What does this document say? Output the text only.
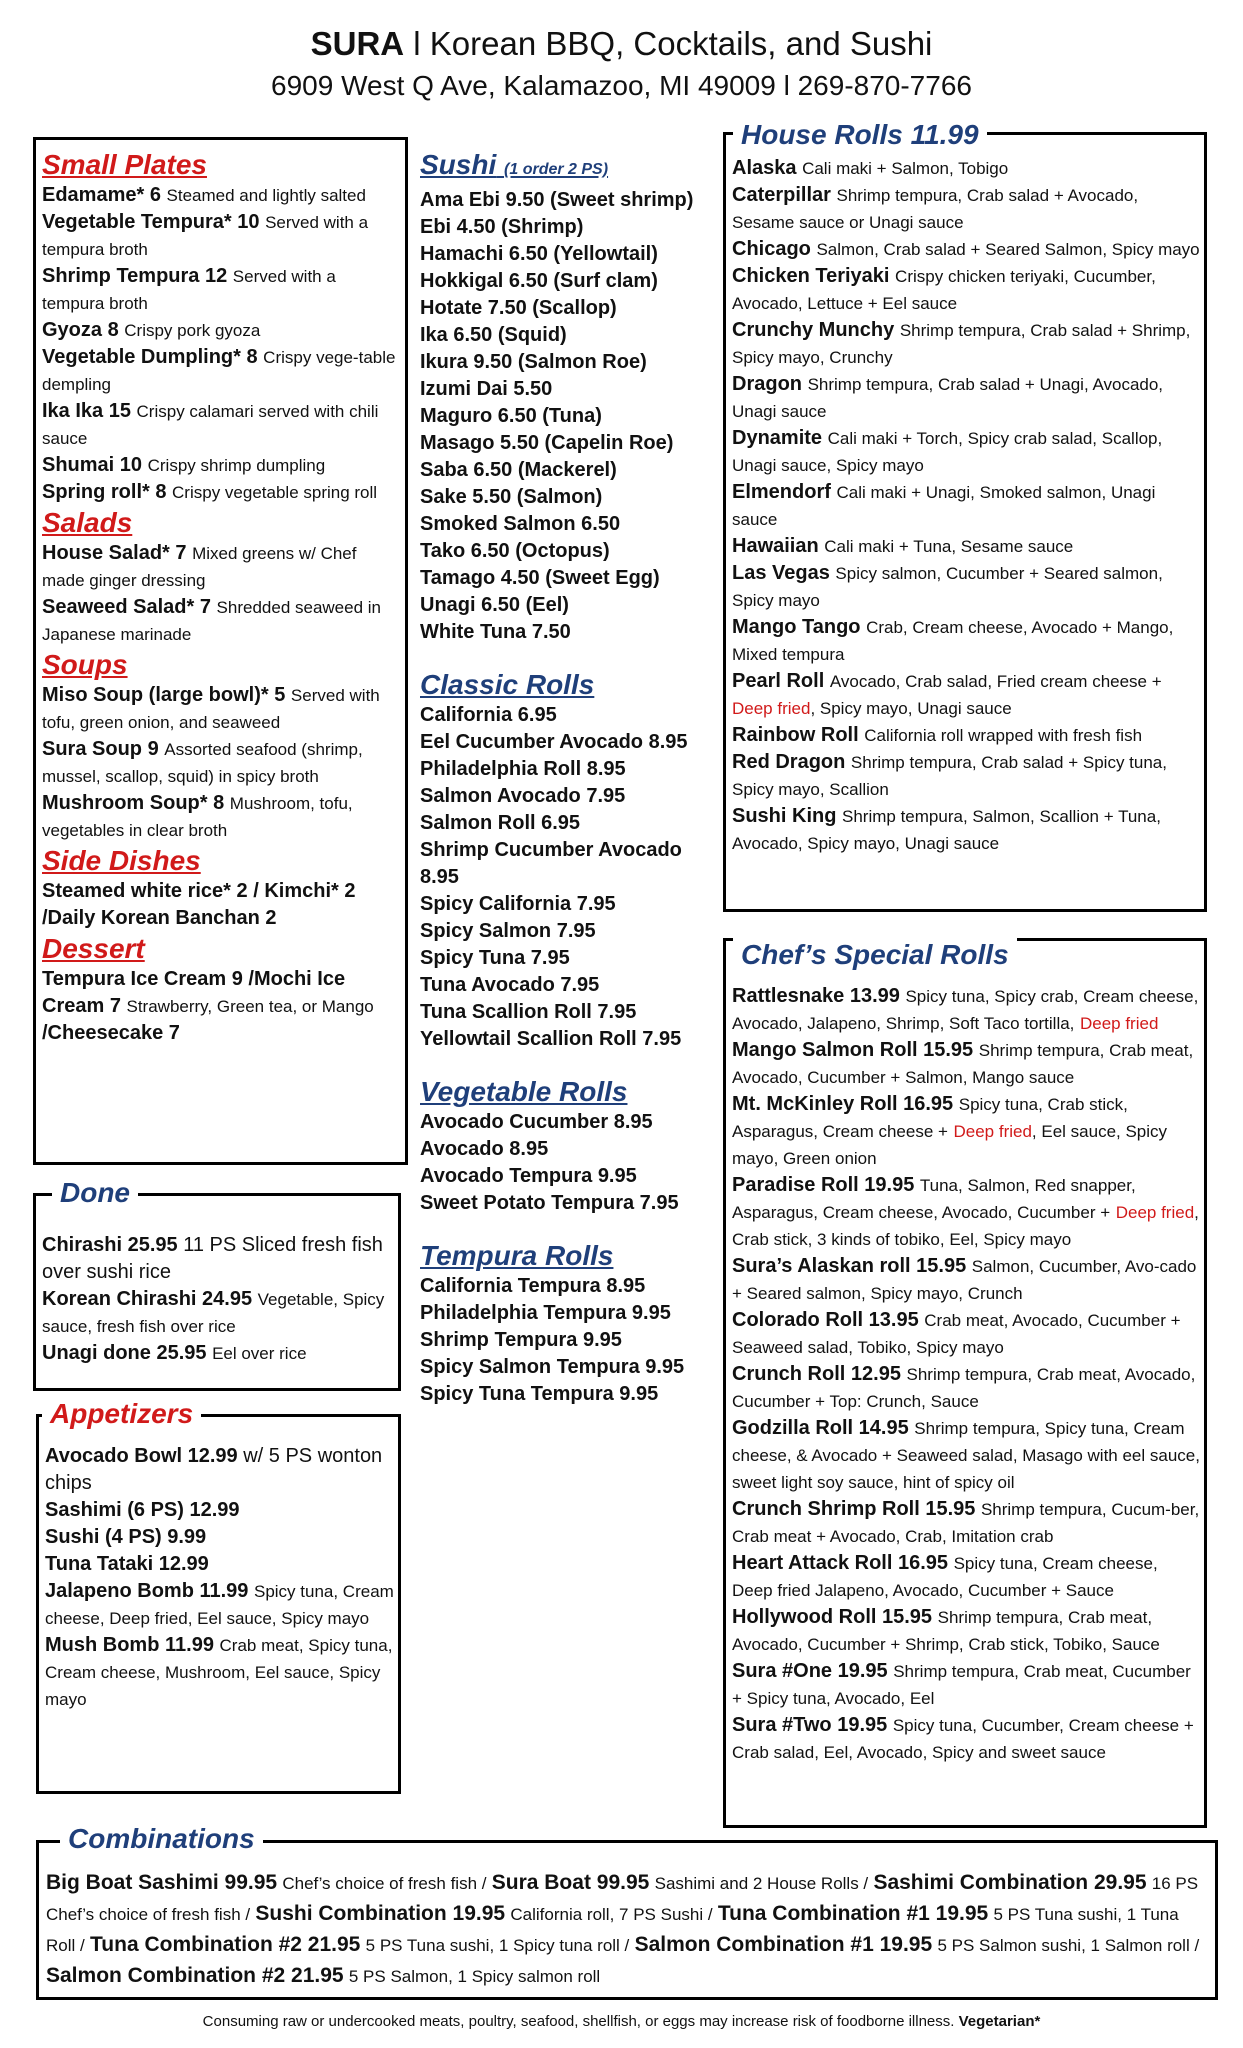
SURA l Korean BBQ, Cocktails, and Sushi
6909 West Q Ave, Kalamazoo, MI 49009 l 269-870-7766
Small Plates
Edamame* 6 Steamed and lightly salted
Vegetable Tempura* 10 Served with a tempura broth
Shrimp Tempura 12 Served with a tempura broth
Gyoza 8 Crispy pork gyoza
Vegetable Dumpling* 8 Crispy vege-table dempling
Ika Ika 15 Crispy calamari served with chili sauce
Shumai 10 Crispy shrimp dumpling
Spring roll* 8 Crispy vegetable spring roll
Salads
House Salad* 7 Mixed greens w/ Chef made ginger dressing
Seaweed Salad* 7 Shredded seaweed in Japanese marinade
Soups
Miso Soup (large bowl)* 5 Served with tofu, green onion, and seaweed
Sura Soup 9 Assorted seafood (shrimp, mussel, scallop, squid) in spicy broth
Mushroom Soup* 8 Mushroom, tofu, vegetables in clear broth
Side Dishes
Steamed white rice* 2 / Kimchi* 2 /Daily Korean Banchan 2
Dessert
Tempura Ice Cream 9 /Mochi Ice Cream 7 Strawberry, Green tea, or Mango /Cheesecake 7
Done
Chirashi 25.95 11 PS Sliced fresh fish over sushi rice
Korean Chirashi 24.95 Vegetable, Spicy sauce, fresh fish over rice
Unagi done 25.95 Eel over rice
Appetizers
Avocado Bowl 12.99 w/ 5 PS wonton chips
Sashimi (6 PS) 12.99
Sushi (4 PS) 9.99
Tuna Tataki 12.99
Jalapeno Bomb 11.99 Spicy tuna, Cream cheese, Deep fried, Eel sauce, Spicy mayo
Mush Bomb 11.99 Crab meat, Spicy tuna, Cream cheese, Mushroom, Eel sauce, Spicy mayo
Sushi (1 order 2 PS)
Ama Ebi 9.50 (Sweet shrimp)
Ebi 4.50 (Shrimp)
Hamachi 6.50 (Yellowtail)
Hokkigal 6.50 (Surf clam)
Hotate 7.50 (Scallop)
Ika 6.50 (Squid)
Ikura 9.50 (Salmon Roe)
Izumi Dai 5.50
Maguro 6.50 (Tuna)
Masago 5.50 (Capelin Roe)
Saba 6.50 (Mackerel)
Sake 5.50 (Salmon)
Smoked Salmon 6.50
Tako 6.50 (Octopus)
Tamago 4.50 (Sweet Egg)
Unagi 6.50 (Eel)
White Tuna 7.50
Classic Rolls
California 6.95
Eel Cucumber Avocado 8.95
Philadelphia Roll 8.95
Salmon Avocado 7.95
Salmon Roll 6.95
Shrimp Cucumber Avocado 8.95
Spicy California 7.95
Spicy Salmon 7.95
Spicy Tuna 7.95
Tuna Avocado 7.95
Tuna Scallion Roll 7.95
Yellowtail Scallion Roll 7.95
Vegetable Rolls
Avocado Cucumber 8.95
Avocado 8.95
Avocado Tempura 9.95
Sweet Potato Tempura 7.95
Tempura Rolls
California Tempura 8.95
Philadelphia Tempura 9.95
Shrimp Tempura 9.95
Spicy Salmon Tempura 9.95
Spicy Tuna Tempura 9.95
House Rolls 11.99
Alaska Cali maki + Salmon, Tobigo
Caterpillar Shrimp tempura, Crab salad + Avocado, Sesame sauce or Unagi sauce
Chicago Salmon, Crab salad + Seared Salmon, Spicy mayo
Chicken Teriyaki Crispy chicken teriyaki, Cucumber, Avocado, Lettuce + Eel sauce
Crunchy Munchy Shrimp tempura, Crab salad + Shrimp, Spicy mayo, Crunchy
Dragon Shrimp tempura, Crab salad + Unagi, Avocado, Unagi sauce
Dynamite Cali maki + Torch, Spicy crab salad, Scallop, Unagi sauce, Spicy mayo
Elmendorf Cali maki + Unagi, Smoked salmon, Unagi sauce
Hawaiian Cali maki + Tuna, Sesame sauce
Las Vegas Spicy salmon, Cucumber + Seared salmon, Spicy mayo
Mango Tango Crab, Cream cheese, Avocado + Mango, Mixed tempura
Pearl Roll Avocado, Crab salad, Fried cream cheese + Deep fried, Spicy mayo, Unagi sauce
Rainbow Roll California roll wrapped with fresh fish
Red Dragon Shrimp tempura, Crab salad + Spicy tuna, Spicy mayo, Scallion
Sushi King Shrimp tempura, Salmon, Scallion + Tuna, Avocado, Spicy mayo, Unagi sauce
Chef’s Special Rolls
Rattlesnake 13.99 Spicy tuna, Spicy crab, Cream cheese, Avocado, Jalapeno, Shrimp, Soft Taco tortilla, Deep fried
Mango Salmon Roll 15.95 Shrimp tempura, Crab meat, Avocado, Cucumber + Salmon, Mango sauce
Mt. McKinley Roll 16.95 Spicy tuna, Crab stick, Asparagus, Cream cheese + Deep fried, Eel sauce, Spicy mayo, Green onion
Paradise Roll 19.95 Tuna, Salmon, Red snapper, Asparagus, Cream cheese, Avocado, Cucumber + Deep fried, Crab stick, 3 kinds of tobiko, Eel, Spicy mayo
Sura’s Alaskan roll 15.95 Salmon, Cucumber, Avo-cado + Seared salmon, Spicy mayo, Crunch
Colorado Roll 13.95 Crab meat, Avocado, Cucumber + Seaweed salad, Tobiko, Spicy mayo
Crunch Roll 12.95 Shrimp tempura, Crab meat, Avocado, Cucumber + Top: Crunch, Sauce
Godzilla Roll 14.95 Shrimp tempura, Spicy tuna, Cream cheese, & Avocado + Seaweed salad, Masago with eel sauce, sweet light soy sauce, hint of spicy oil
Crunch Shrimp Roll 15.95 Shrimp tempura, Cucum-ber, Crab meat + Avocado, Crab, Imitation crab
Heart Attack Roll 16.95 Spicy tuna, Cream cheese, Deep fried Jalapeno, Avocado, Cucumber + Sauce
Hollywood Roll 15.95 Shrimp tempura, Crab meat, Avocado, Cucumber + Shrimp, Crab stick, Tobiko, Sauce
Sura #One 19.95 Shrimp tempura, Crab meat, Cucumber + Spicy tuna, Avocado, Eel
Sura #Two 19.95 Spicy tuna, Cucumber, Cream cheese + Crab salad, Eel, Avocado, Spicy and sweet sauce
Combinations
Big Boat Sashimi 99.95 Chef’s choice of fresh fish / Sura Boat 99.95 Sashimi and 2 House Rolls / Sashimi Combination 29.95 16 PS Chef’s choice of fresh fish / Sushi Combination 19.95 California roll, 7 PS Sushi / Tuna Combination #1 19.95 5 PS Tuna sushi, 1 Tuna Roll / Tuna Combination #2 21.95 5 PS Tuna sushi, 1 Spicy tuna roll / Salmon Combination #1 19.95 5 PS Salmon sushi, 1 Salmon roll / Salmon Combination #2 21.95 5 PS Salmon, 1 Spicy salmon roll
Consuming raw or undercooked meats, poultry, seafood, shellfish, or eggs may increase risk of foodborne illness. Vegetarian*
